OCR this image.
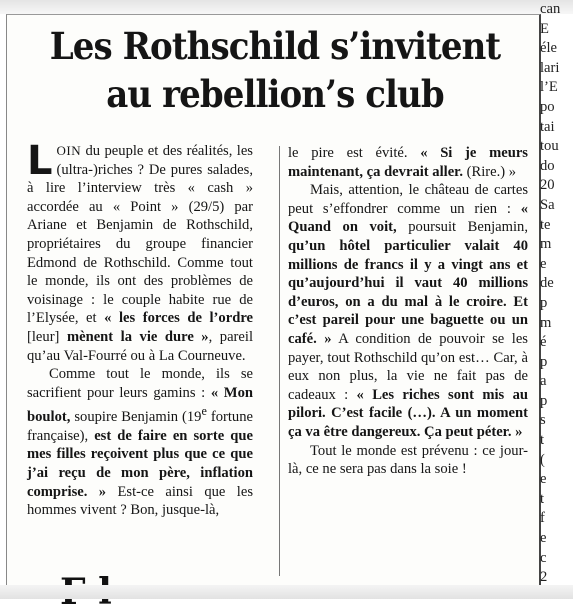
Les Rothschild s’invitent
au rebellion’s club

LOIN du peuple et des réalités, les (ultra-)riches ? De pures salades, à lire l’interview très « cash » accordée au « Point » (29/5) par Ariane et Benjamin de Rothschild, propriétaires du groupe financier Edmond de Rothschild. Comme tout le monde, ils ont des problèmes de voisinage : le couple habite rue de l’Elysée, et « les forces de l’ordre [leur] mènent la vie dure », pareil qu’au Val-Fourré ou à La Courneuve.

Comme tout le monde, ils se sacrifient pour leurs gamins : « Mon boulot, soupire Benjamin (19e fortune française), est de faire en sorte que mes filles reçoivent plus que ce que j’ai reçu de mon père, inflation comprise. » Est-ce ainsi que les hommes vivent ? Bon, jusque-là,

le pire est évité. « Si je meurs maintenant, ça devrait aller. (Rire.) »

Mais, attention, le château de cartes peut s’effondrer comme un rien : « Quand on voit, poursuit Benjamin, qu’un hôtel particulier valait 40 millions de francs il y a vingt ans et qu’aujourd’hui il vaut 40 millions d’euros, on a du mal à le croire. Et c’est pareil pour une baguette ou un café. » A condition de pouvoir se les payer, tout Rothschild qu’on est… Car, à eux non plus, la vie ne fait pas de cadeaux : « Les riches sont mis au pilori. C’est facile (…). A un moment ça va être dangereux. Ça peut péter. »

Tout le monde est prévenu : ce jour-là, ce ne sera pas dans la soie !

can
E
éle
lari
l’E
po
tai
tou
do
20
Sa
te
m
e
de
p
m
é
p
a
p
s
t
(
e
t
f
e
c
2
